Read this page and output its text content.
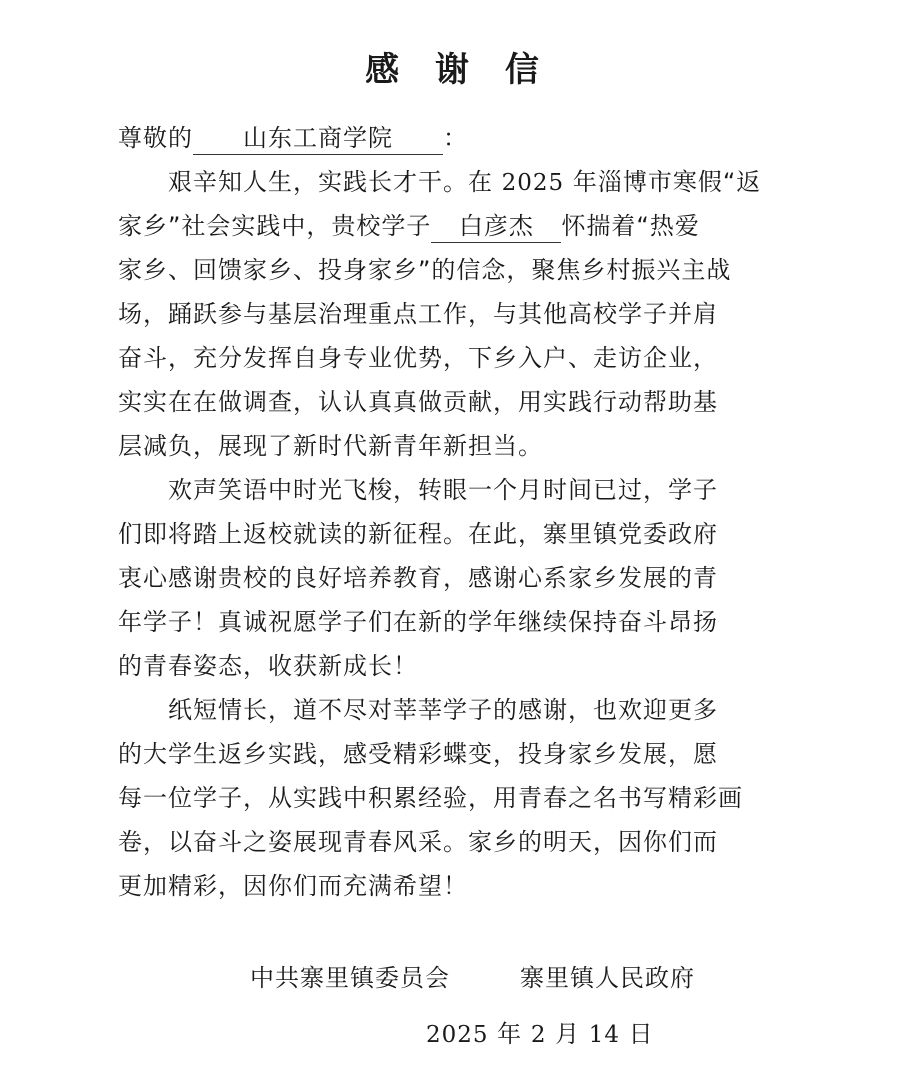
感 谢 信
尊敬的 山东工商学院 ：
　　艰辛知人生，实践长才干。在 2025 年淄博市寒假“返
家乡”社会实践中，贵校学子 白彦杰 怀揣着“热爱
家乡、回馈家乡、投身家乡”的信念，聚焦乡村振兴主战
场，踊跃参与基层治理重点工作，与其他高校学子并肩
奋斗，充分发挥自身专业优势，下乡入户、走访企业，
实实在在做调查，认认真真做贡献，用实践行动帮助基
层减负，展现了新时代新青年新担当。
　　欢声笑语中时光飞梭，转眼一个月时间已过，学子
们即将踏上返校就读的新征程。在此，寨里镇党委政府
衷心感谢贵校的良好培养教育，感谢心系家乡发展的青
年学子！真诚祝愿学子们在新的学年继续保持奋斗昂扬
的青春姿态，收获新成长！
　　纸短情长，道不尽对莘莘学子的感谢，也欢迎更多
的大学生返乡实践，感受精彩蝶变，投身家乡发展，愿
每一位学子，从实践中积累经验，用青春之名书写精彩画
卷，以奋斗之姿展现青春风采。家乡的明天，因你们而
更加精彩，因你们而充满希望！
中共寨里镇委员会	寨里镇人民政府
2025 年 2 月 14 日
